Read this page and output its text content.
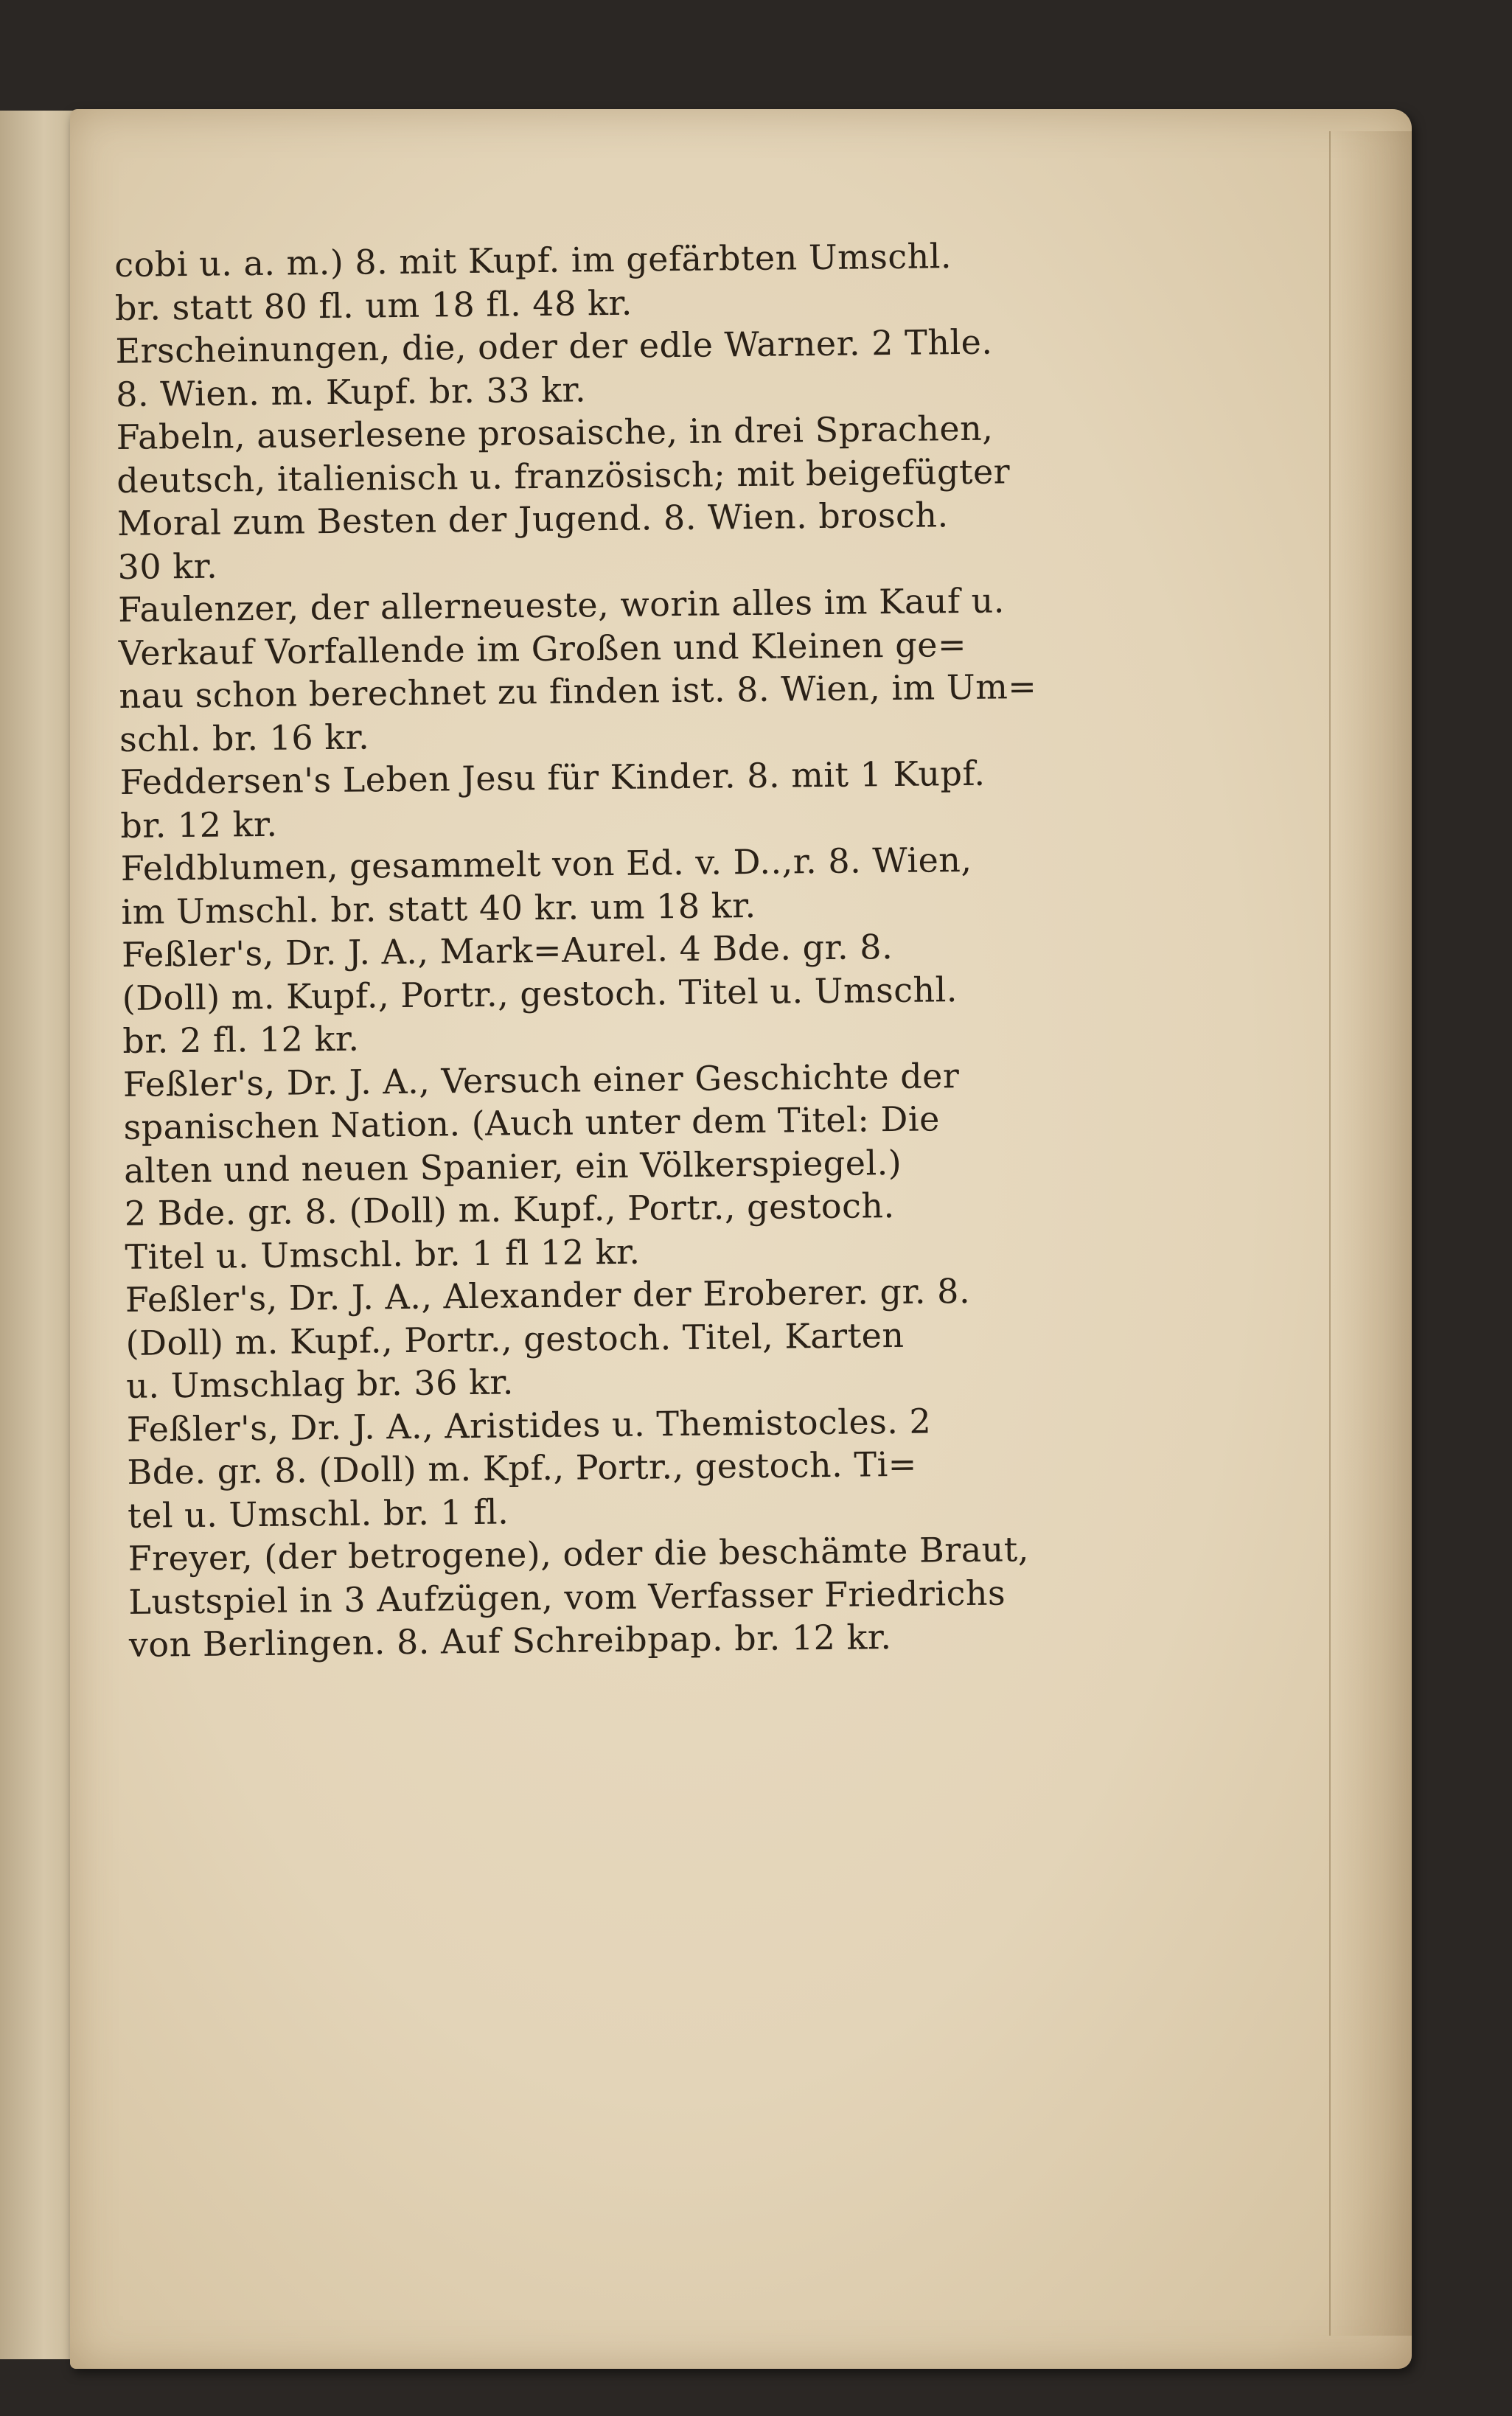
cobi u. a. m.) 8. mit Kupf. im gefärbten Umschl.
br. statt 80 fl. um 18 fl. 48 kr.

Erscheinungen, die, oder der edle Warner. 2 Thle.
8. Wien. m. Kupf. br. 33 kr.

Fabeln, auserlesene prosaische, in drei Sprachen,
deutsch, italienisch u. französisch; mit beigefügter
Moral zum Besten der Jugend. 8. Wien. brosch.
30 kr.

Faulenzer, der allerneueste, worin alles im Kauf u.
Verkauf Vorfallende im Großen und Kleinen ge=
nau schon berechnet zu finden ist. 8. Wien, im Um=
schl. br. 16 kr.

Feddersen's Leben Jesu für Kinder. 8. mit 1 Kupf.
br. 12 kr.

Feldblumen, gesammelt von Ed. v. D..,r. 8. Wien,
im Umschl. br. statt 40 kr. um 18 kr.

Feßler's, Dr. J. A., Mark=Aurel. 4 Bde. gr. 8.
(Doll) m. Kupf., Portr., gestoch. Titel u. Umschl.
br. 2 fl. 12 kr.

Feßler's, Dr. J. A., Versuch einer Geschichte der
spanischen Nation. (Auch unter dem Titel: Die
alten und neuen Spanier, ein Völkerspiegel.)
2 Bde. gr. 8. (Doll) m. Kupf., Portr., gestoch.
Titel u. Umschl. br. 1 fl 12 kr.

Feßler's, Dr. J. A., Alexander der Eroberer. gr. 8.
(Doll) m. Kupf., Portr., gestoch. Titel, Karten
u. Umschlag br. 36 kr.

Feßler's, Dr. J. A., Aristides u. Themistocles. 2
Bde. gr. 8. (Doll) m. Kpf., Portr., gestoch. Ti=
tel u. Umschl. br. 1 fl.

Freyer, (der betrogene), oder die beschämte Braut,
Lustspiel in 3 Aufzügen, vom Verfasser Friedrichs
von Berlingen. 8. Auf Schreibpap. br. 12 kr.
